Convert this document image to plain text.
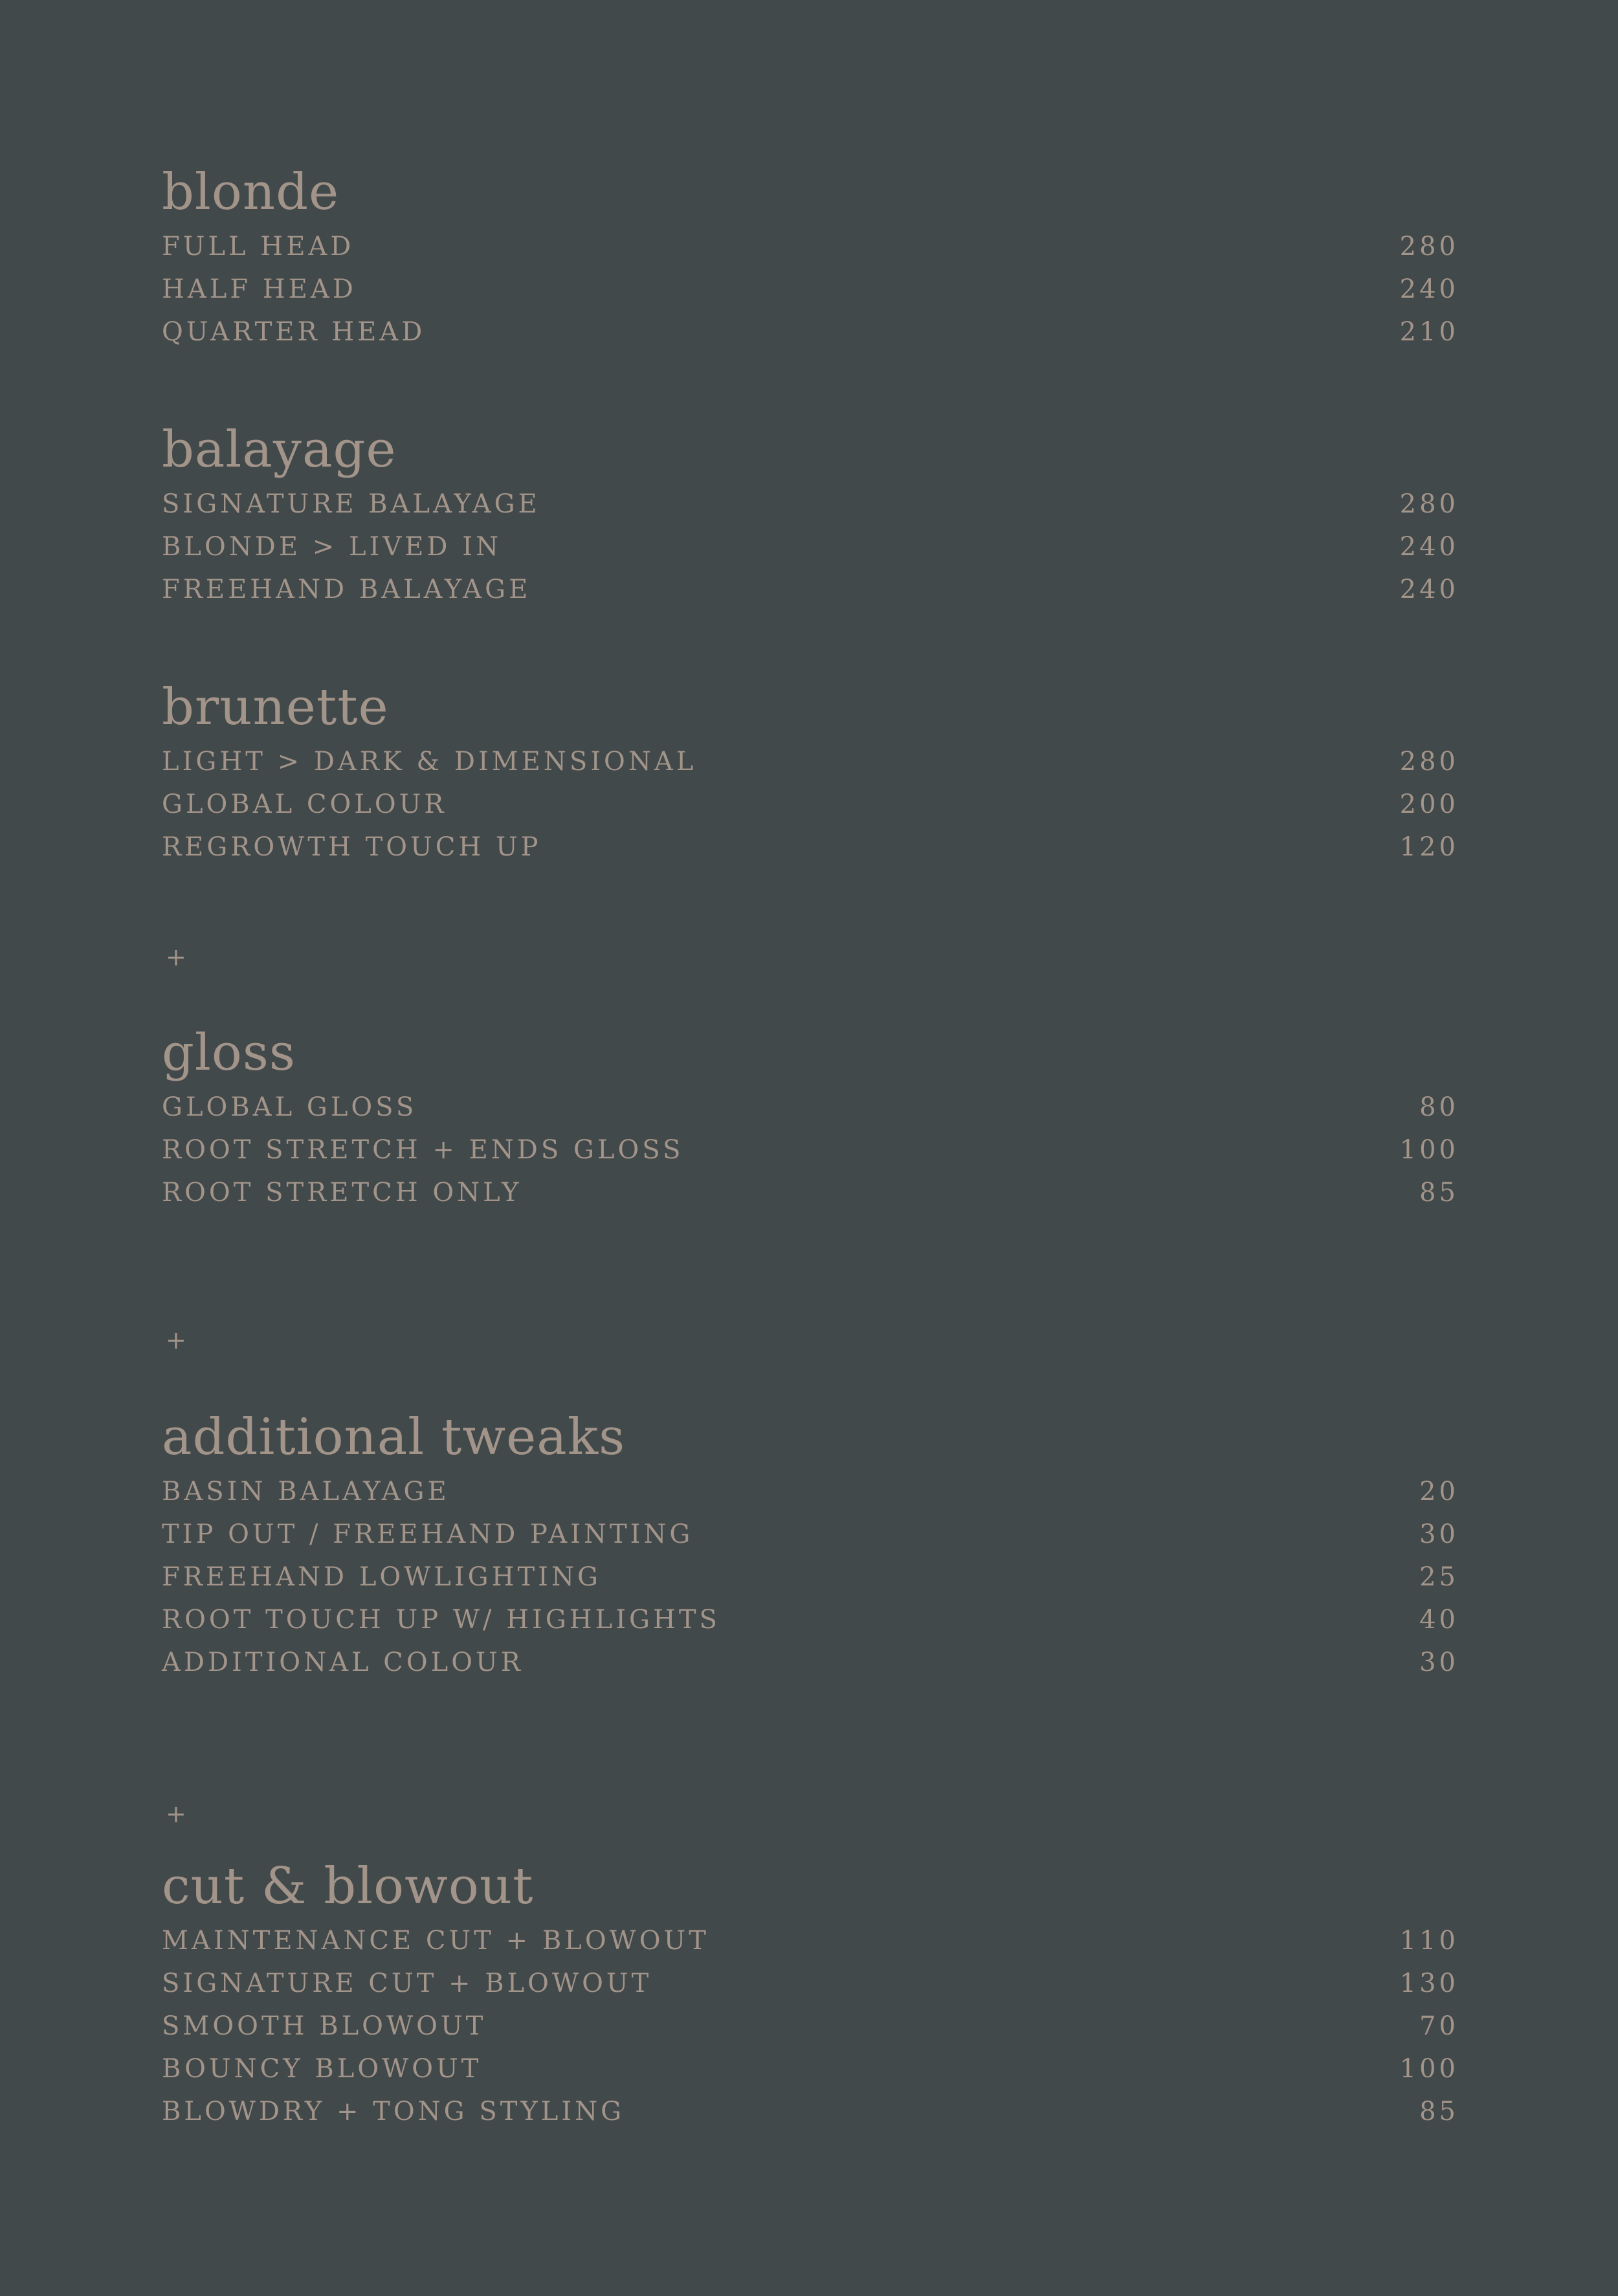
blonde
FULL HEAD	280
HALF HEAD	240
QUARTER HEAD	210
balayage
SIGNATURE BALAYAGE	280
BLONDE > LIVED IN	240
FREEHAND BALAYAGE	240
brunette
LIGHT > DARK & DIMENSIONAL	280
GLOBAL COLOUR	200
REGROWTH TOUCH UP	120
+
gloss
GLOBAL GLOSS	80
ROOT STRETCH + ENDS GLOSS	100
ROOT STRETCH ONLY	85
+
additional tweaks
BASIN BALAYAGE	20
TIP OUT / FREEHAND PAINTING	30
FREEHAND LOWLIGHTING	25
ROOT TOUCH UP W/ HIGHLIGHTS	40
ADDITIONAL COLOUR	30
+
cut & blowout
MAINTENANCE CUT + BLOWOUT	110
SIGNATURE CUT + BLOWOUT	130
SMOOTH BLOWOUT	70
BOUNCY BLOWOUT	100
BLOWDRY + TONG STYLING	85
